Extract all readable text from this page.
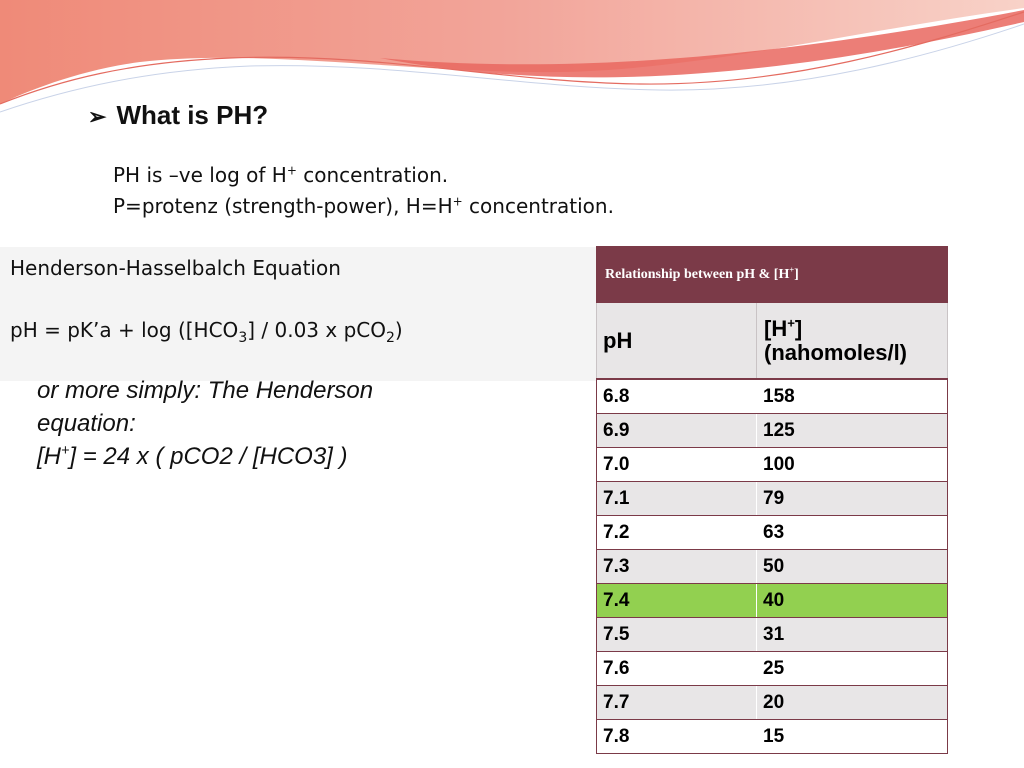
➢ What is PH?

PH is –ve log of H+ concentration.

P=protenz (strength-power), H=H+ concentration.

Henderson-Hasselbalch Equation
pH = pK’a + $\log ([HCO_3] / 0.03$ x pCO$_2$)

or more simply: The Henderson

equation:

[H+] = 24 x ( pCO2 / [HCO3] )

Relationship between pH & [H+]	
pH	[H+]
(nahomoles/l)
6.8	158
6.9	125
7.0	100
7.1	79
7.2	63
7.3	50
7.4	40
7.5	31
7.6	25
7.7	20
7.8	15
